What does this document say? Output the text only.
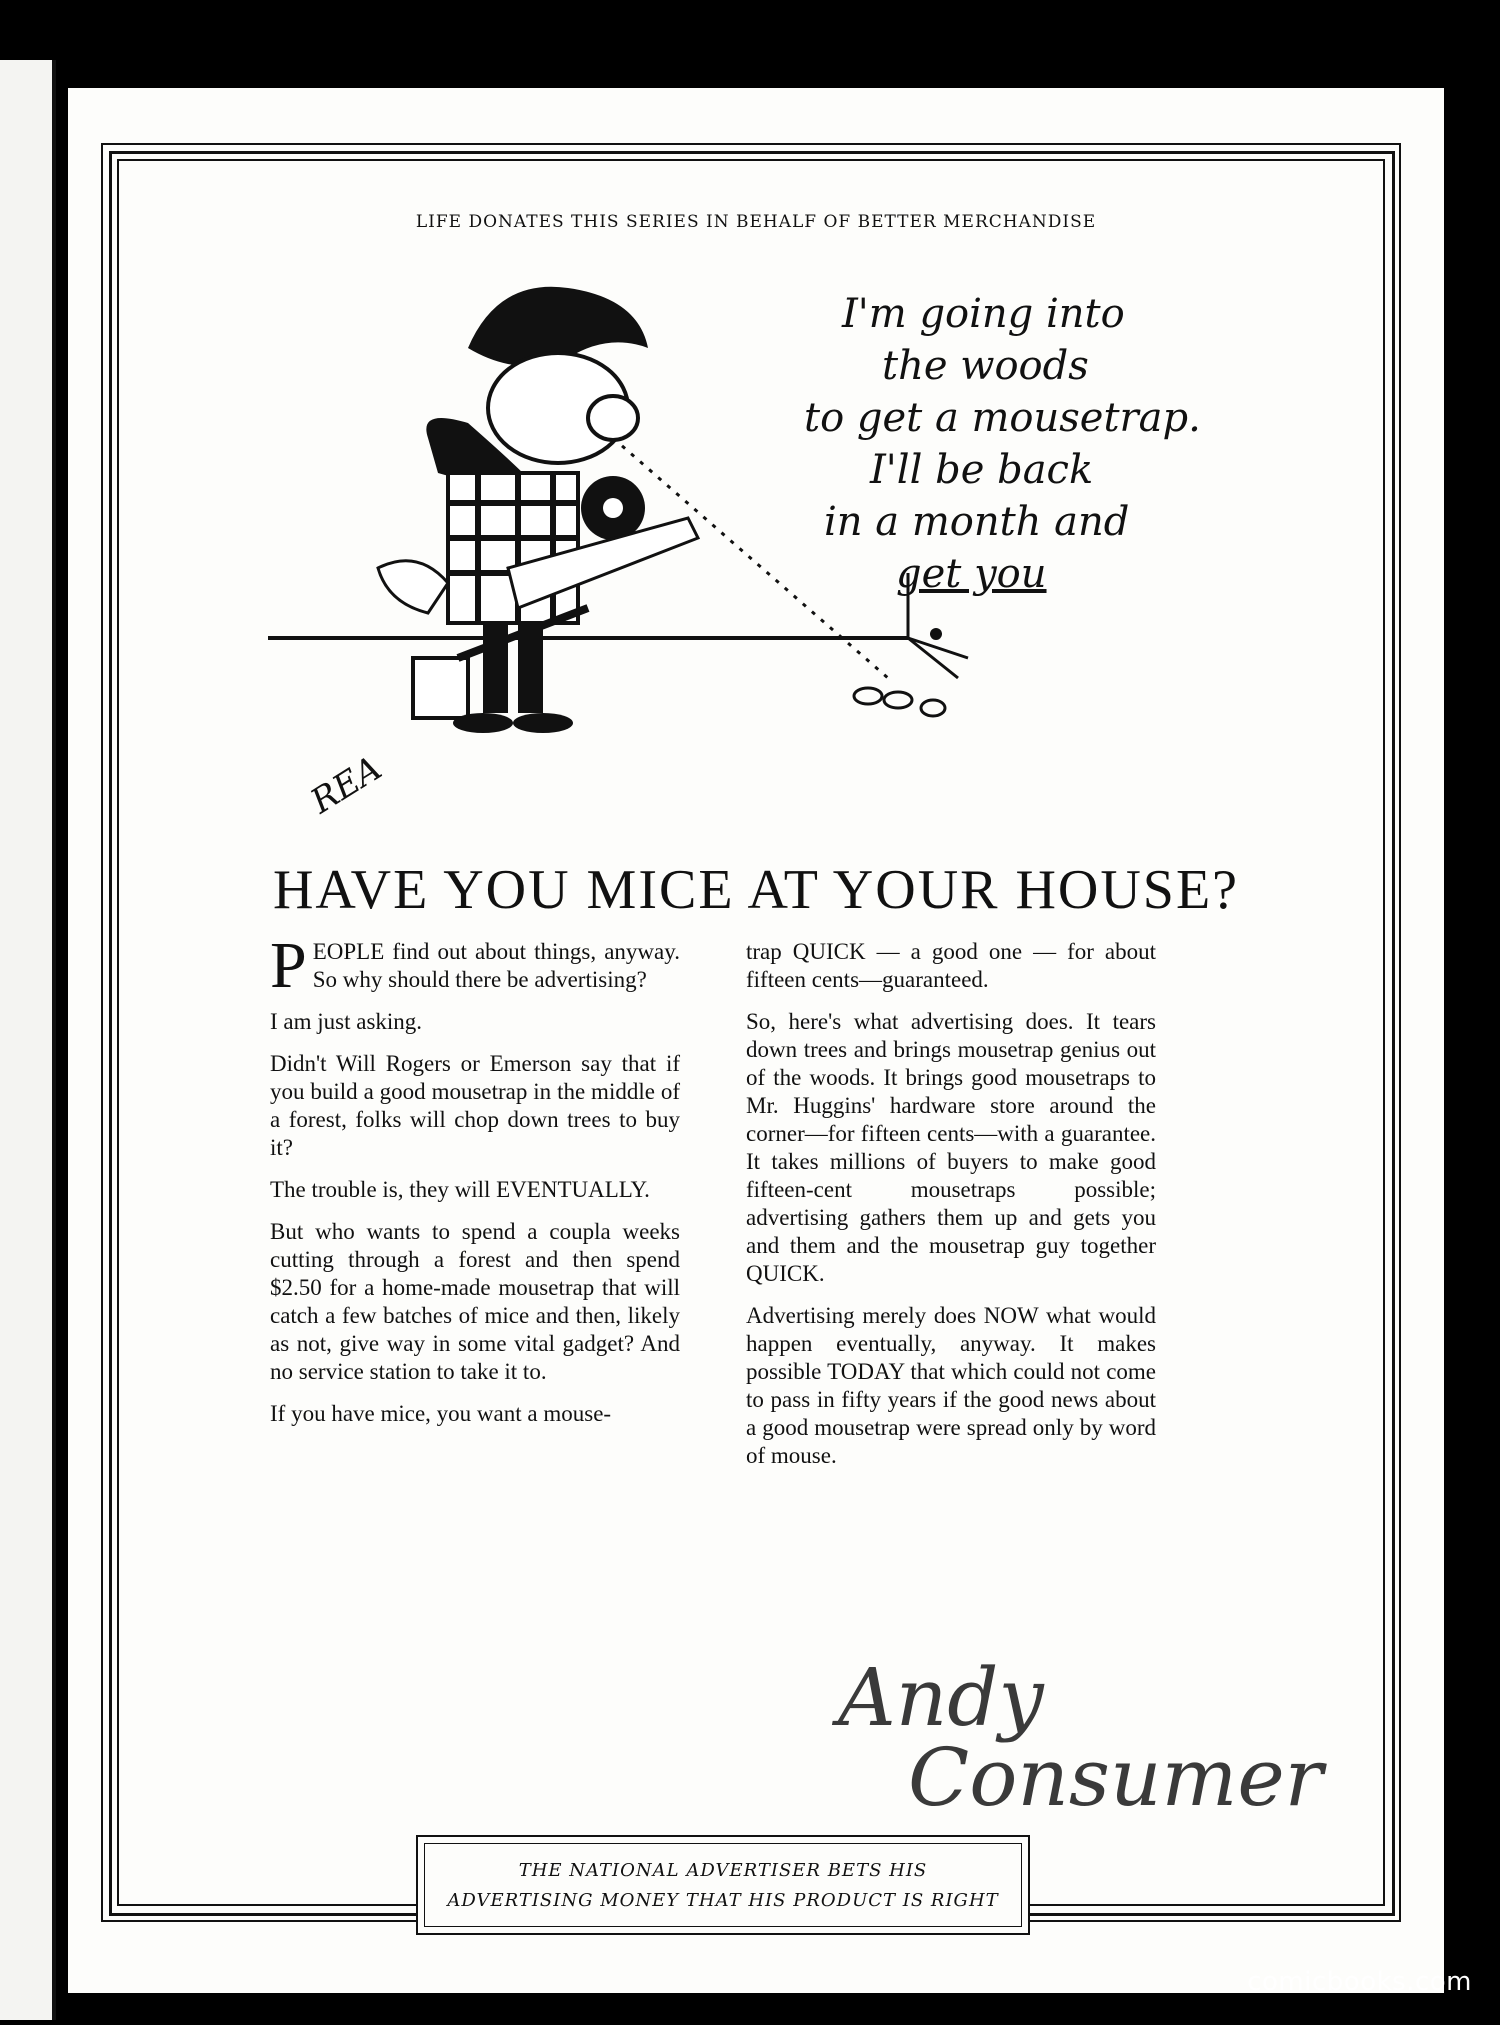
LIFE DONATES THIS SERIES IN BEHALF OF BETTER MERCHANDISE
I'm going into
the woods
to get a mousetrap.
I'll be back
in a month and
get you
REA
HAVE YOU MICE AT YOUR HOUSE?

PEOPLE find out about things, anyway. So why should there be advertising?

I am just asking.

Didn't Will Rogers or Emerson say that if you build a good mousetrap in the middle of a forest, folks will chop down trees to buy it?

The trouble is, they will EVENTUALLY.

But who wants to spend a coupla weeks cutting through a forest and then spend $2.50 for a home-made mousetrap that will catch a few batches of mice and then, likely as not, give way in some vital gadget? And no service station to take it to.

If you have mice, you want a mouse-

trap QUICK — a good one — for about fifteen cents—guaranteed.

So, here's what advertising does. It tears down trees and brings mousetrap genius out of the woods. It brings good mousetraps to Mr. Huggins' hardware store around the corner—for fifteen cents—with a guarantee. It takes millions of buyers to make good fifteen-cent mousetraps possible; advertising gathers them up and gets you and them and the mousetrap guy together QUICK.

Advertising merely does NOW what would happen eventually, anyway. It makes possible TODAY that which could not come to pass in fifty years if the good news about a good mousetrap were spread only by word of mouse.

Andy
Consumer
THE NATIONAL ADVERTISER BETS HIS
ADVERTISING MONEY THAT HIS PRODUCT IS RIGHT
comicbooks.com
